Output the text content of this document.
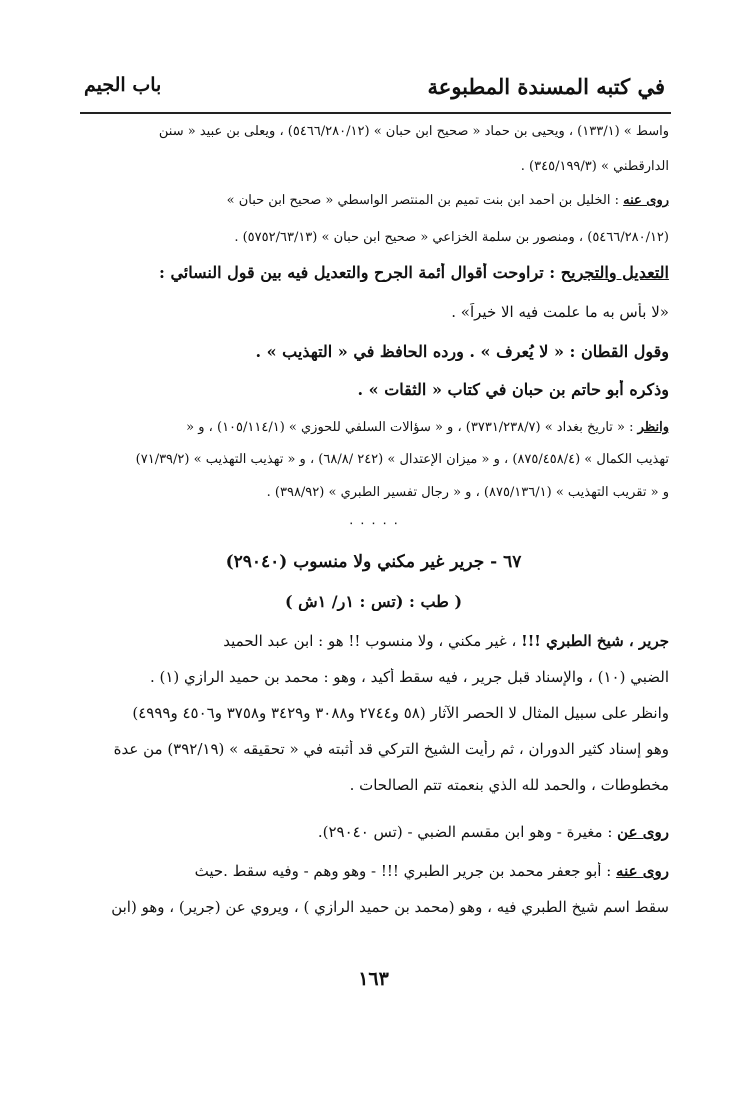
في كتبه المسندة المطبوعة
باب الجيم
واسط » (١٣٣/١) ، ويحيى بن حماد « صحيح ابن حبان » (٥٤٦٦/٢٨٠/١٢) ، ويعلى بن عبيد « سنن
الدارقطني » (٣٤٥/١٩٩/٣) .
روى عنه : الخليل بن أحمد ابن بنت تميم بن المنتصر الواسطي « صحيح ابن حبان »
(٥٤٦٦/٢٨٠/١٢) ، ومنصور بن سلمة الخزاعي « صحيح ابن حبان » (٥٧٥٢/٦٣/١٣) .
التعديل والتجريح : تراوحت أقوال أئمة الجرح والتعديل فيه بين قول النسائي :
«لا بأس به ما علمت فيه الا خيراً» .
وقول القطان : « لا يُعرف » . ورده الحافظ في « التهذيب » .
وذكره أبو حاتم بن حبان في كتاب « الثقات » .
وانظر : « تاريخ بغداد » (٣٧٣١/٢٣٨/٧) ، و « سؤالات السلفي للحوزي » (١٠٥/١١٤/١) ، و «
تهذيب الكمال » (٨٧٥/٤٥٨/٤) ، و « ميزان الإعتدال » (٢٤٢ /٦٨/٨) ، و « تهذيب التهذيب » (٧١/٣٩/٢)
و « تقريب التهذيب » (٨٧٥/١٣٦/١) ، و « رجال تفسير الطبري » (٣٩٨/٩٢) .
٠ ٠ ٠ ٠ ٠
٦٧ - جرير غير مكني ولا منسوب (٢٩٠٤٠)
( طب : (تس : ١ر/ ١ش )
جرير ، شيخ الطبري !!! ، غير مكني ، ولا منسوب !! هو : ابن عبد الحميد
الضبي (١٠) ، والإسناد قبل جرير ، فيه سقط أكيد ، وهو : محمد بن حميد الرازي (١) .
وانظر على سبيل المثال لا الحصر الآثار (٥٨ و٢٧٤٤ و٣٠٨٨ و٣٤٢٩ و٣٧٥٨ و٤٥٠٦ و٤٩٩٩)
وهو إسناد كثير الدوران ، ثم رأيت الشيخ التركي قد أثبته في « تحقيقه » (٣٩٢/١٩) من عدة
مخطوطات ، والحمد لله الذي بنعمته تتم الصالحات .
روى عن : مغيرة - وهو ابن مقسم الضبي - (تس ٢٩٠٤٠).
روى عنه : أبو جعفر محمد بن جرير الطبري !!! - وهو وهم - وفيه سقط .حيث
سقط اسم شيخ الطبري فيه ، وهو (محمد بن حميد الرازي ) ، ويروي عن (جرير) ، وهو (ابن
١٦٣
